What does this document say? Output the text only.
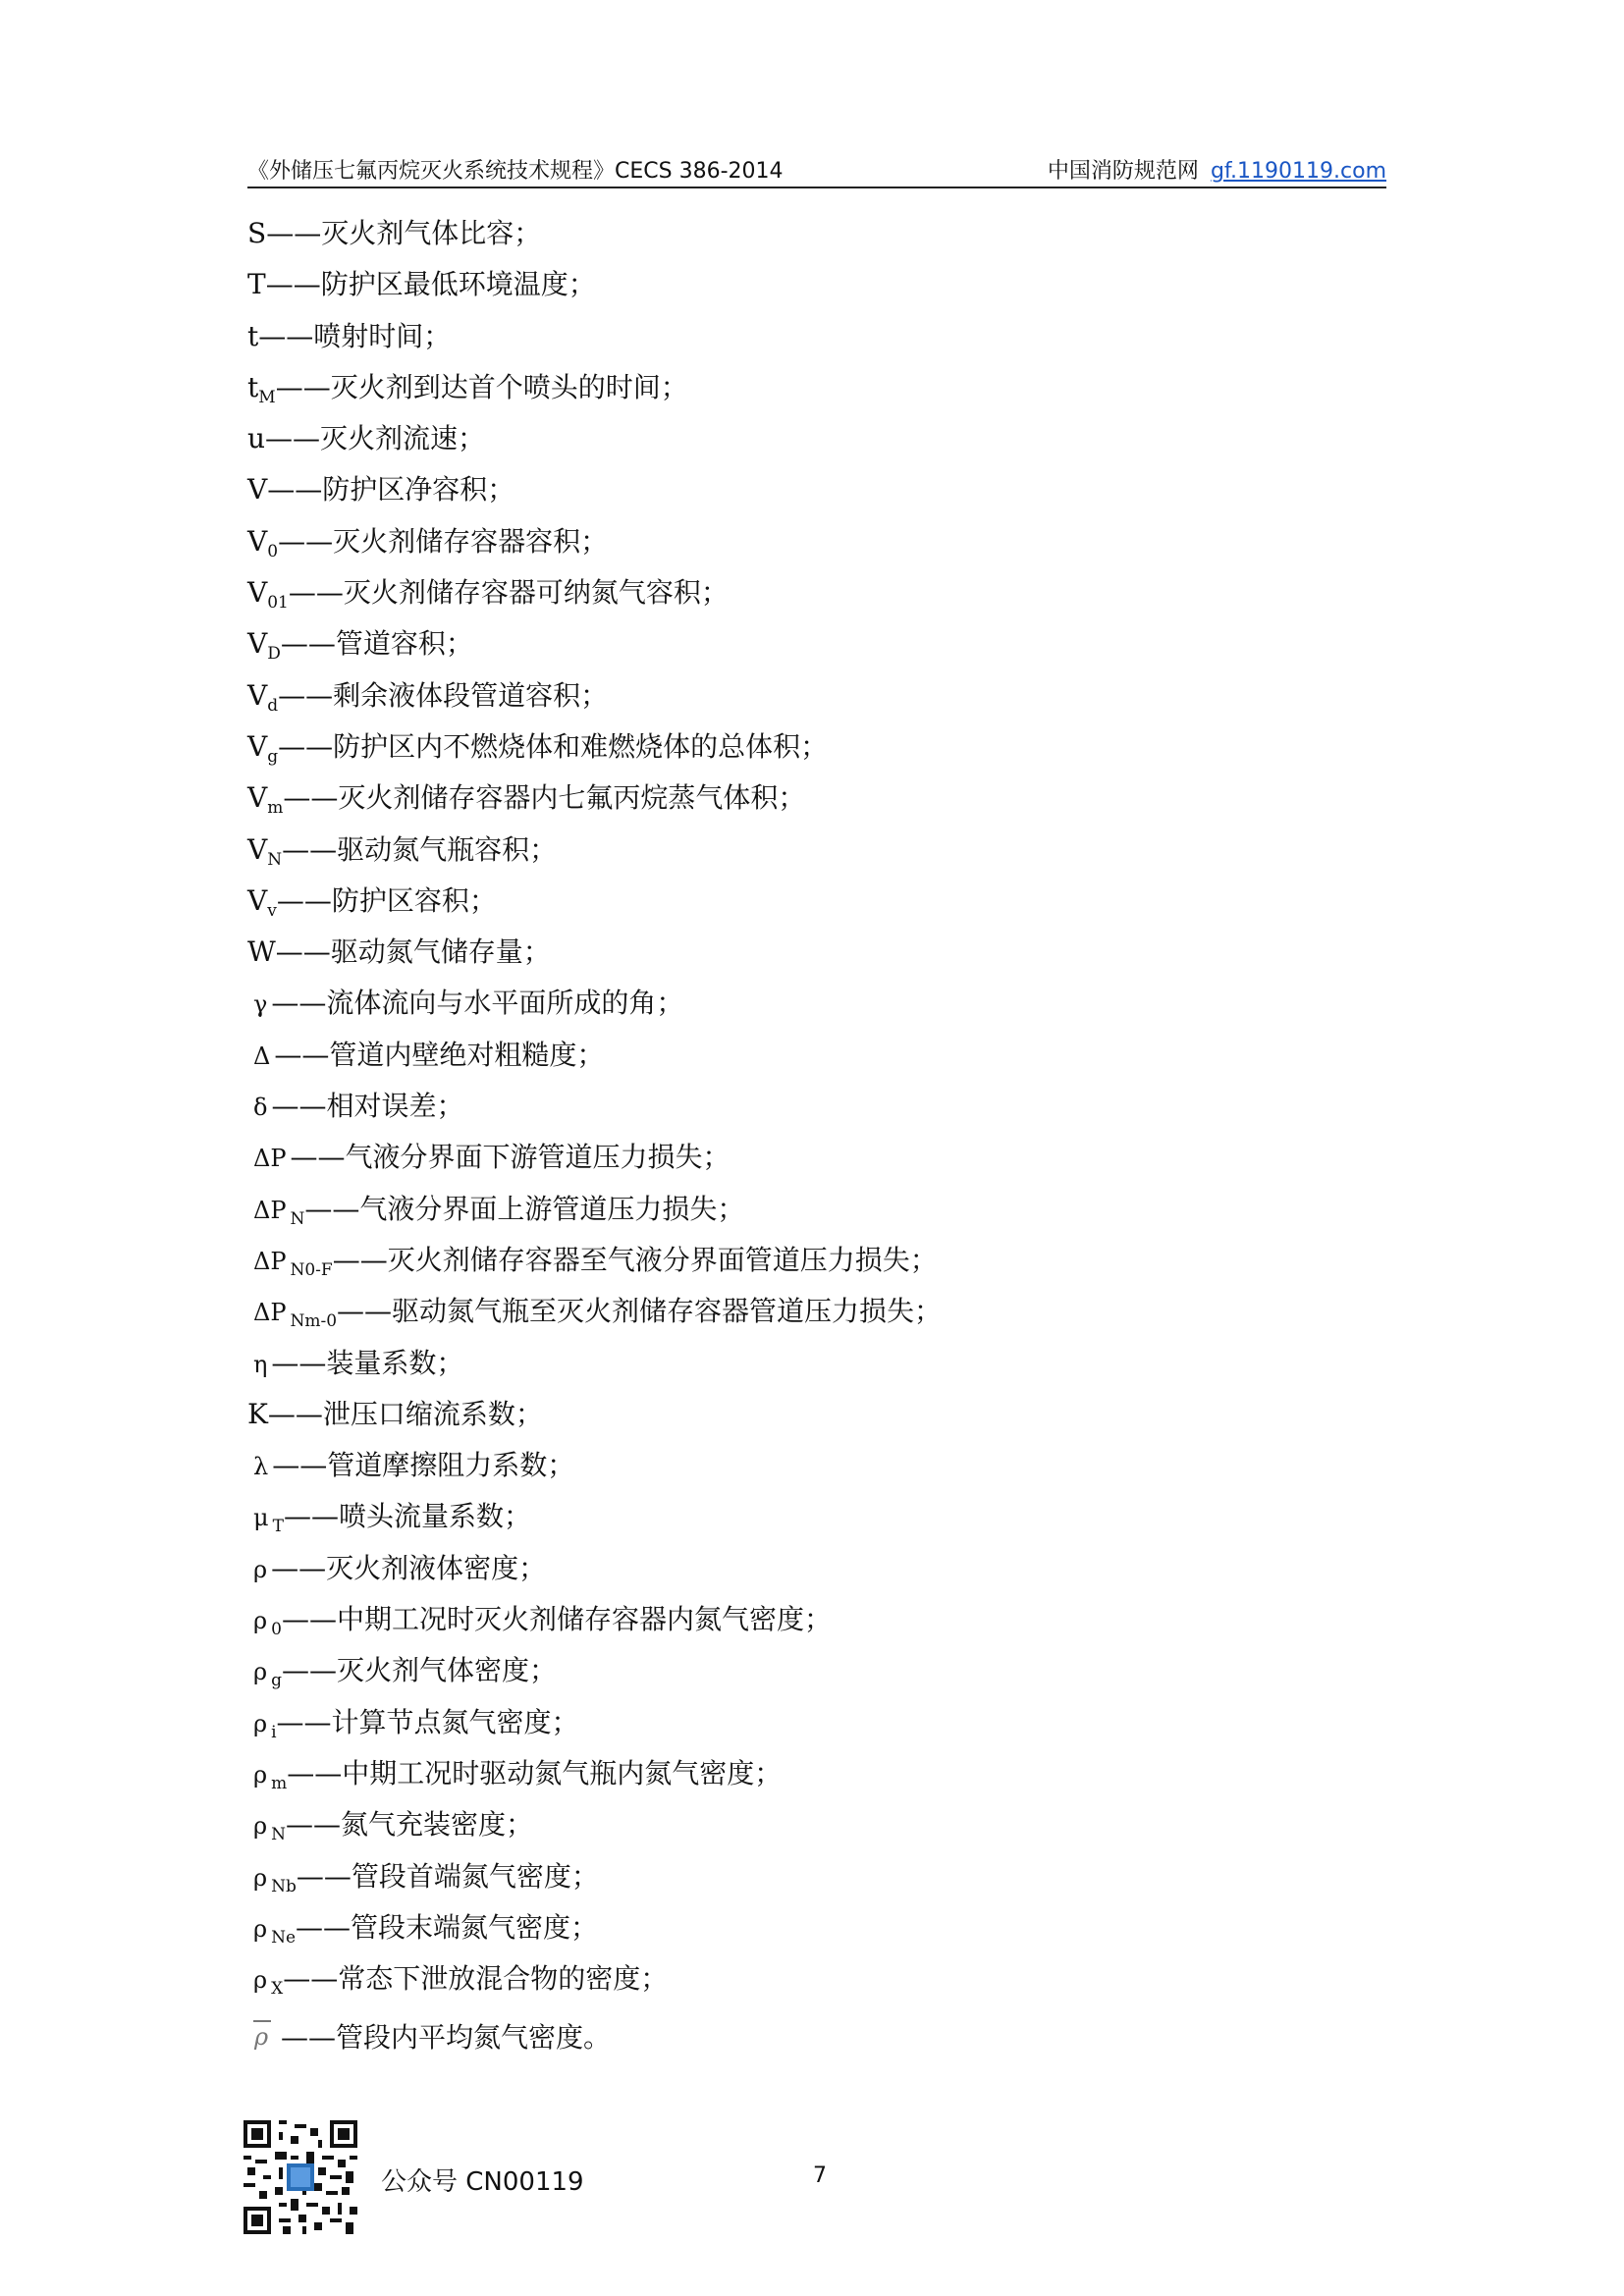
《外储压七氟丙烷灭火系统技术规程》CECS 386-2014	中国消防规范网 gf.1190119.com
S——灭火剂气体比容；
T——防护区最低环境温度；
t——喷射时间；
$t_M——$灭火剂到达首个喷头的时间；
u——灭火剂流速；
V——防护区净容积；
$V_0——$灭火剂储存容器容积；
$V_{01}——$灭火剂储存容器可纳氮气容积；
$V_D——$管道容积；
$V_d——$剩余液体段管道容积；
$V_g——$防护区内不燃烧体和难燃烧体的总体积；
$V_m——$灭火剂储存容器内七氟丙烷蒸气体积；
$V_N——$驱动氮气瓶容积；
$V_v——$防护区容积；
W——驱动氮气储存量；
γ ——流体流向与水平面所成的角；
Δ ——管道内壁绝对粗糙度；
δ ——相对误差；
ΔP ——气液分界面下游管道压力损失；
ΔP $_N$——气液分界面上游管道压力损失；
ΔP $_{N0-F}$——灭火剂储存容器至气液分界面管道压力损失；
ΔP $_{Nm-0}$——驱动氮气瓶至灭火剂储存容器管道压力损失；
η ——装量系数；
K——泄压口缩流系数；
λ ——管道摩擦阻力系数；
μ $_T$——喷头流量系数；
ρ ——灭火剂液体密度；
ρ $_0$——中期工况时灭火剂储存容器内氮气密度；
ρ $_g$——灭火剂气体密度；
ρ $_i$——计算节点氮气密度；
ρ $_m$——中期工况时驱动氮气瓶内氮气密度；
ρ $_N$——氮气充装密度；
ρ $_{Nb}$——管段首端氮气密度；
ρ $_{Ne}$——管段末端氮气密度；
ρ $_X$——常态下泄放混合物的密度；
ρ ——管段内平均氮气密度。
公众号 CN00119	7
